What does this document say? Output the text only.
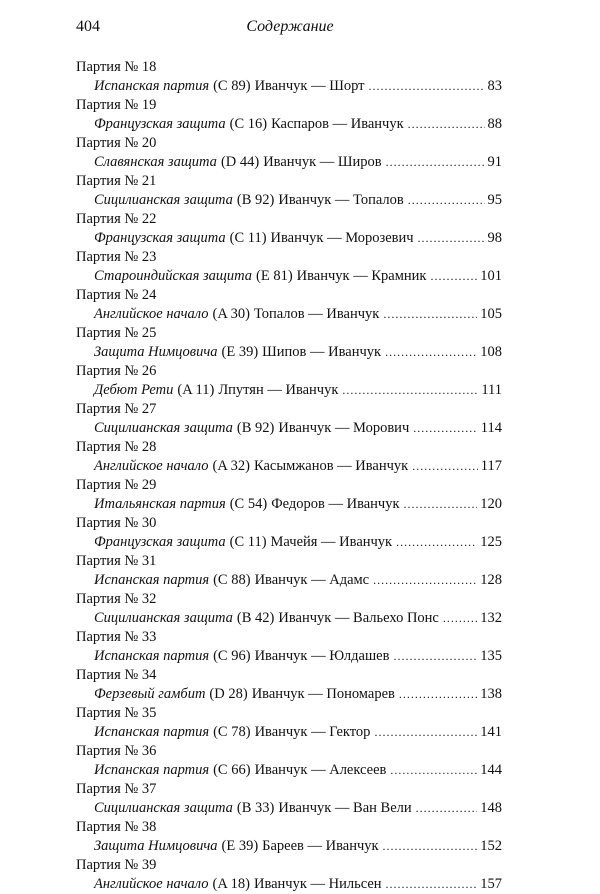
404	Содержание
Партия № 18
Испанская партия (C 89) Иванчук — Шорт .....	83
Партия № 19
Французская защита (C 16) Каспаров — Иванчук .....	88
Партия № 20
Славянская защита (D 44) Иванчук — Широв .....	91
Партия № 21
Сицилианская защита (B 92) Иванчук — Топалов .....	95
Партия № 22
Французская защита (C 11) Иванчук — Морозевич .....	98
Партия № 23
Староиндийская защита (E 81) Иванчук — Крамник .....	101
Партия № 24
Английское начало (A 30) Топалов — Иванчук .....	105
Партия № 25
Защита Нимцовича (E 39) Шипов — Иванчук .....	108
Партия № 26
Дебют Рети (A 11) Лпутян — Иванчук .....	111
Партия № 27
Сицилианская защита (B 92) Иванчук — Морович .....	114
Партия № 28
Английское начало (A 32) Касымжанов — Иванчук .....	117
Партия № 29
Итальянская партия (C 54) Федоров — Иванчук .....	120
Партия № 30
Французская защита (C 11) Мачейя — Иванчук .....	125
Партия № 31
Испанская партия (C 88) Иванчук — Адамс .....	128
Партия № 32
Сицилианская защита (B 42) Иванчук — Вальехо Понс .....	132
Партия № 33
Испанская партия (C 96) Иванчук — Юлдашев .....	135
Партия № 34
Ферзевый гамбит (D 28) Иванчук — Пономарев .....	138
Партия № 35
Испанская партия (C 78) Иванчук — Гектор .....	141
Партия № 36
Испанская партия (C 66) Иванчук — Алексеев .....	144
Партия № 37
Сицилианская защита (B 33) Иванчук — Ван Вели .....	148
Партия № 38
Защита Нимцовича (E 39) Бареев — Иванчук .....	152
Партия № 39
Английское начало (A 18) Иванчук — Нильсен .....	157
